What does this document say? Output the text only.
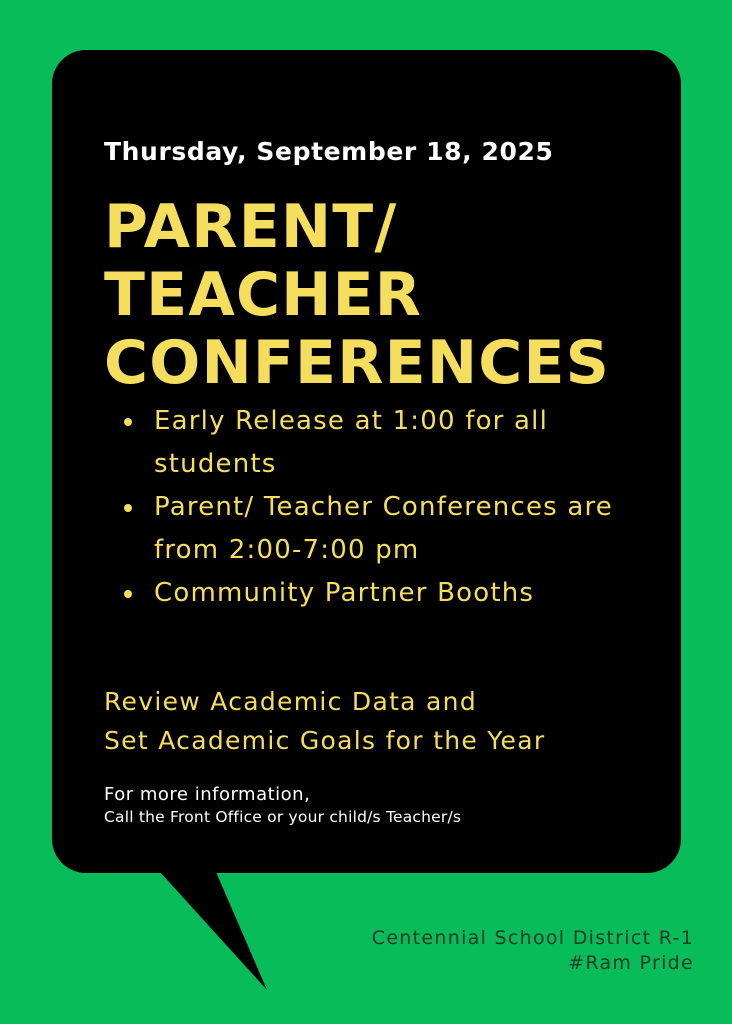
Thursday, September 18, 2025
PARENT/
TEACHER
CONFERENCES
Early Release at 1:00 for all students
Parent/ Teacher Conferences are from 2:00-7:00 pm
Community Partner Booths
Review Academic Data and
Set Academic Goals for the Year
For more information,
Call the Front Office or your child/s Teacher/s
Centennial School District R-1
#Ram Pride
